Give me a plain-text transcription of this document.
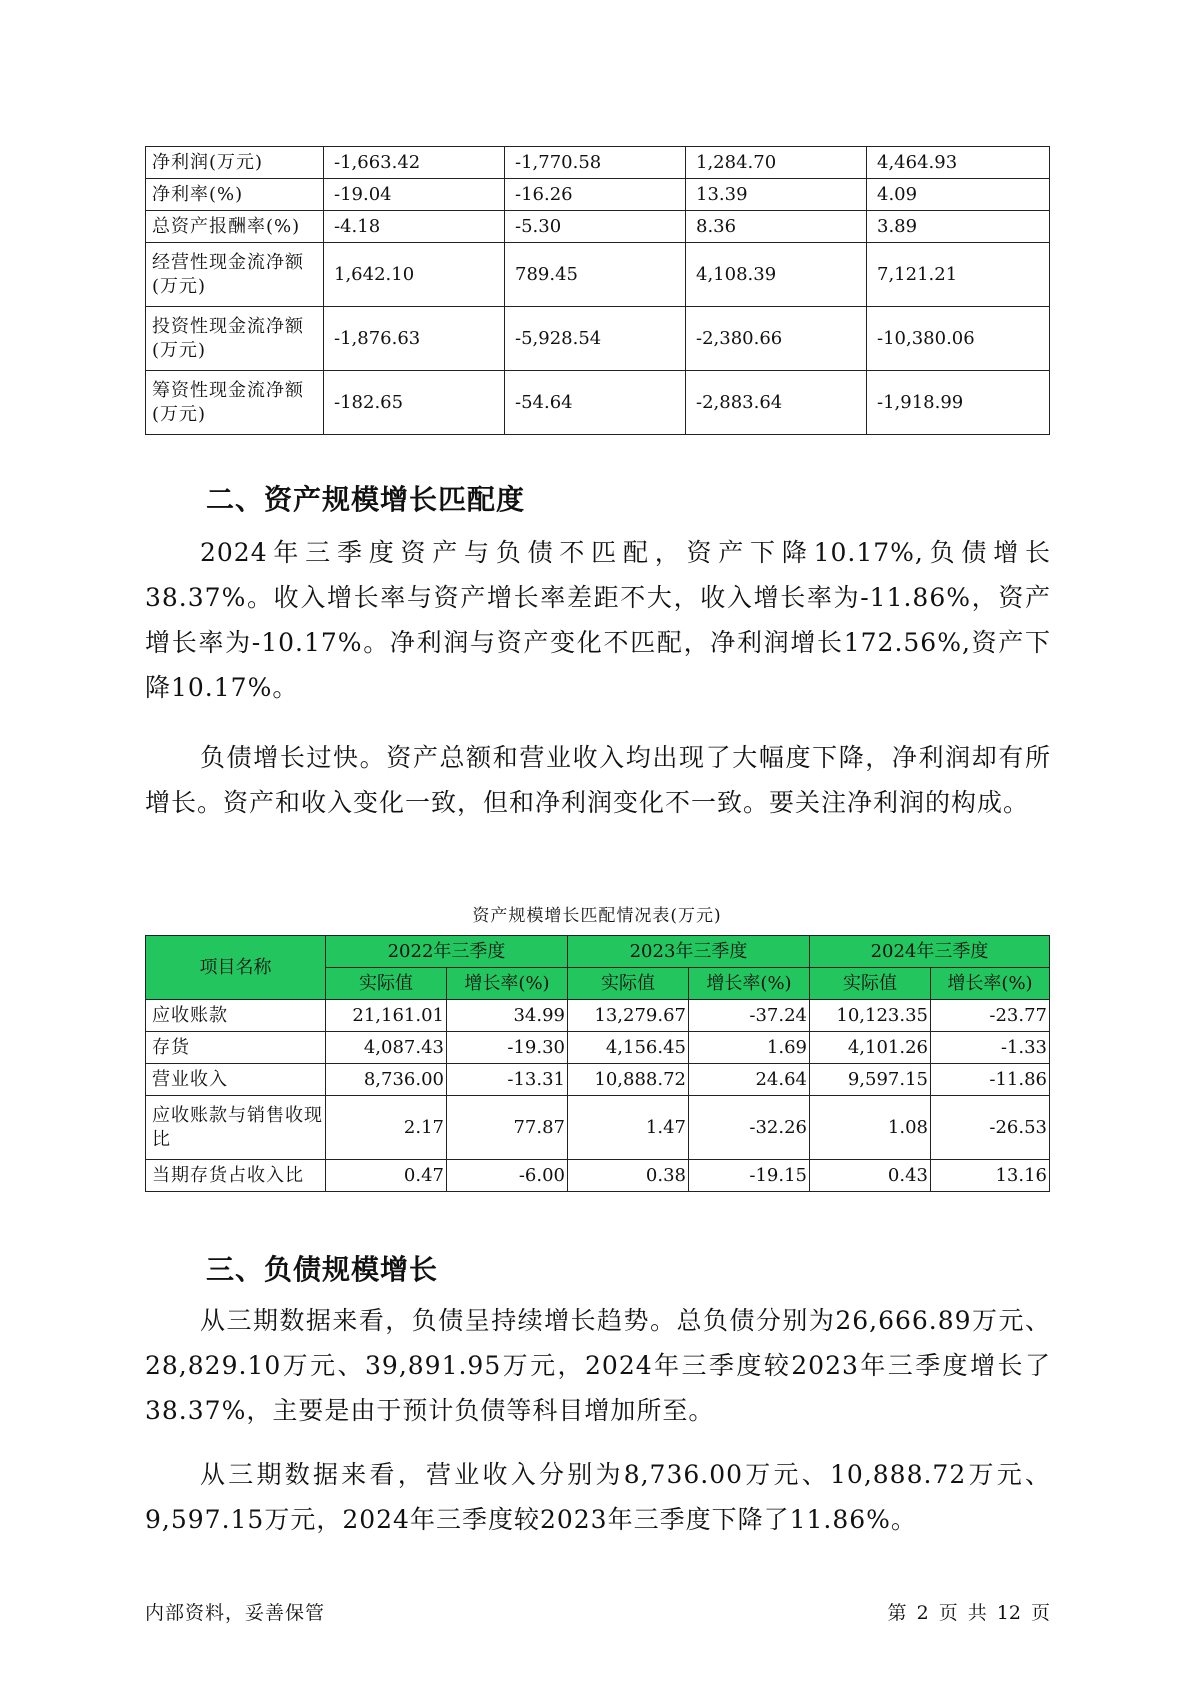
净利润(万元)	-1,663.42	-1,770.58	1,284.70	4,464.93
净利率(%)	-19.04	-16.26	13.39	4.09
总资产报酬率(%)	-4.18	-5.30	8.36	3.89
经营性现金流净额(万元)	1,642.10	789.45	4,108.39	7,121.21
投资性现金流净额(万元)	-1,876.63	-5,928.54	-2,380.66	-10,380.06
筹资性现金流净额(万元)	-182.65	-54.64	-2,883.64	-1,918.99
二、资产规模增长匹配度

2024年三季度资产与负债不匹配，资产下降10.17%,负债增长38.37%。收入增长率与资产增长率差距不大，收入增长率为-11.86%，资产增长率为-10.17%。净利润与资产变化不匹配，净利润增长172.56%,资产下降10.17%。

负债增长过快。资产总额和营业收入均出现了大幅度下降，净利润却有所增长。资产和收入变化一致，但和净利润变化不一致。要关注净利润的构成。

资产规模增长匹配情况表(万元)
项目名称	2022年三季度		2023年三季度		2024年三季度	
	实际值	增长率(%)	实际值	增长率(%)	实际值	增长率(%)
应收账款	21,161.01	34.99	13,279.67	-37.24	10,123.35	-23.77
存货	4,087.43	-19.30	4,156.45	1.69	4,101.26	-1.33
营业收入	8,736.00	-13.31	10,888.72	24.64	9,597.15	-11.86
应收账款与销售收现比	2.17	77.87	1.47	-32.26	1.08	-26.53
当期存货占收入比	0.47	-6.00	0.38	-19.15	0.43	13.16
三、负债规模增长

从三期数据来看，负债呈持续增长趋势。总负债分别为26,666.89万元、28,829.10万元、39,891.95万元，2024年三季度较2023年三季度增长了38.37%，主要是由于预计负债等科目增加所至。

从三期数据来看，营业收入分别为8,736.00万元、10,888.72万元、9,597.15万元，2024年三季度较2023年三季度下降了11.86%。

内部资料，妥善保管	第 2 页 共 12 页
